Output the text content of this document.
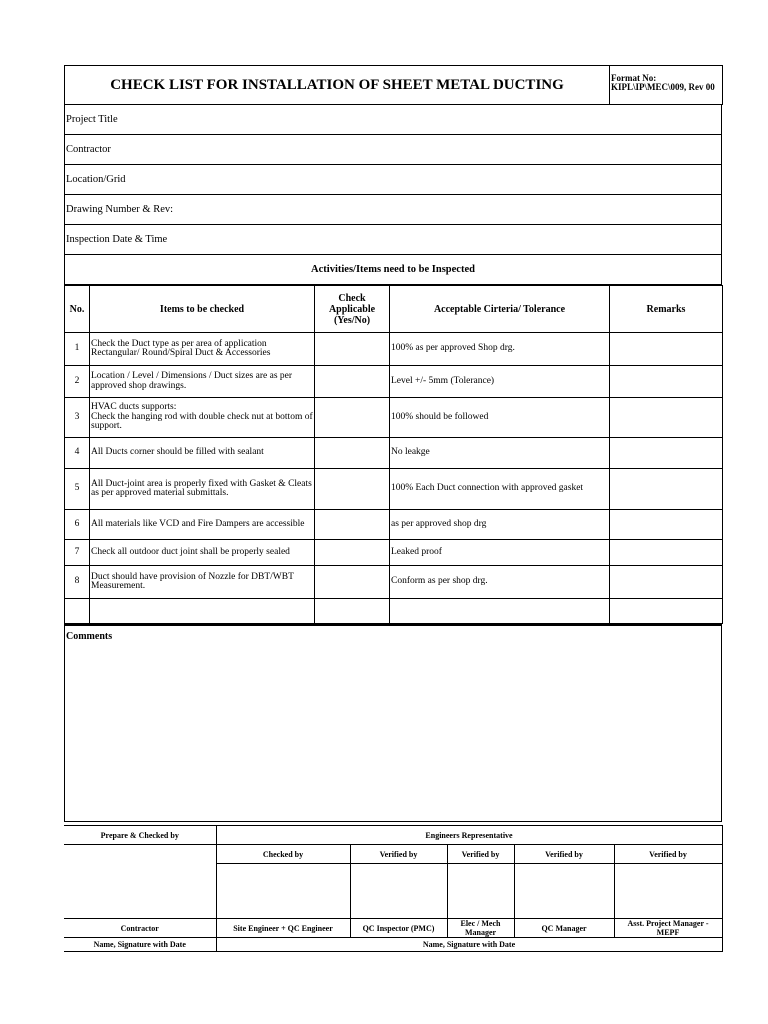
CHECK LIST FOR INSTALLATION OF SHEET METAL DUCTING	Format No:
KIPL\IP\MEC\009, Rev 00
Project Title
Contractor
Location/Grid
Drawing Number & Rev:
Inspection Date & Time
Activities/Items need to be Inspected
No.	Items to be checked	Check
Applicable
(Yes/No)	Acceptable Cirteria/ Tolerance	Remarks
1	Check the Duct type as per area of application Rectangular/ Round/Spiral Duct & Accessories		100% as per approved Shop drg.	
2	Location / Level / Dimensions / Duct sizes are as per approved shop drawings.		Level +/- 5mm (Tolerance)	
3	HVAC ducts supports:
Check the hanging rod with double check nut at bottom of support.		100% should be followed	
4	All Ducts corner should be filled with sealant		No leakge	
5	All Duct-joint area is properly fixed with Gasket & Cleats as per approved material submittals.		100% Each Duct connection with approved gasket	
6	All materials like VCD and Fire Dampers are accessible		as per approved shop drg	
7	Check all outdoor duct joint shall be properly sealed		Leaked proof	
8	Duct should have provision of Nozzle for DBT/WBT Measurement.		Conform as per shop drg.	

Comments
Prepare & Checked by	Engineers Representative				
	Checked by	Verified by	Verified by	Verified by	Verified by

Contractor	Site Engineer + QC Engineer	QC Inspector (PMC)	Elec / Mech Manager	QC Manager	Asst. Project Manager - MEPF
Name, Signature with Date	Name, Signature with Date				
